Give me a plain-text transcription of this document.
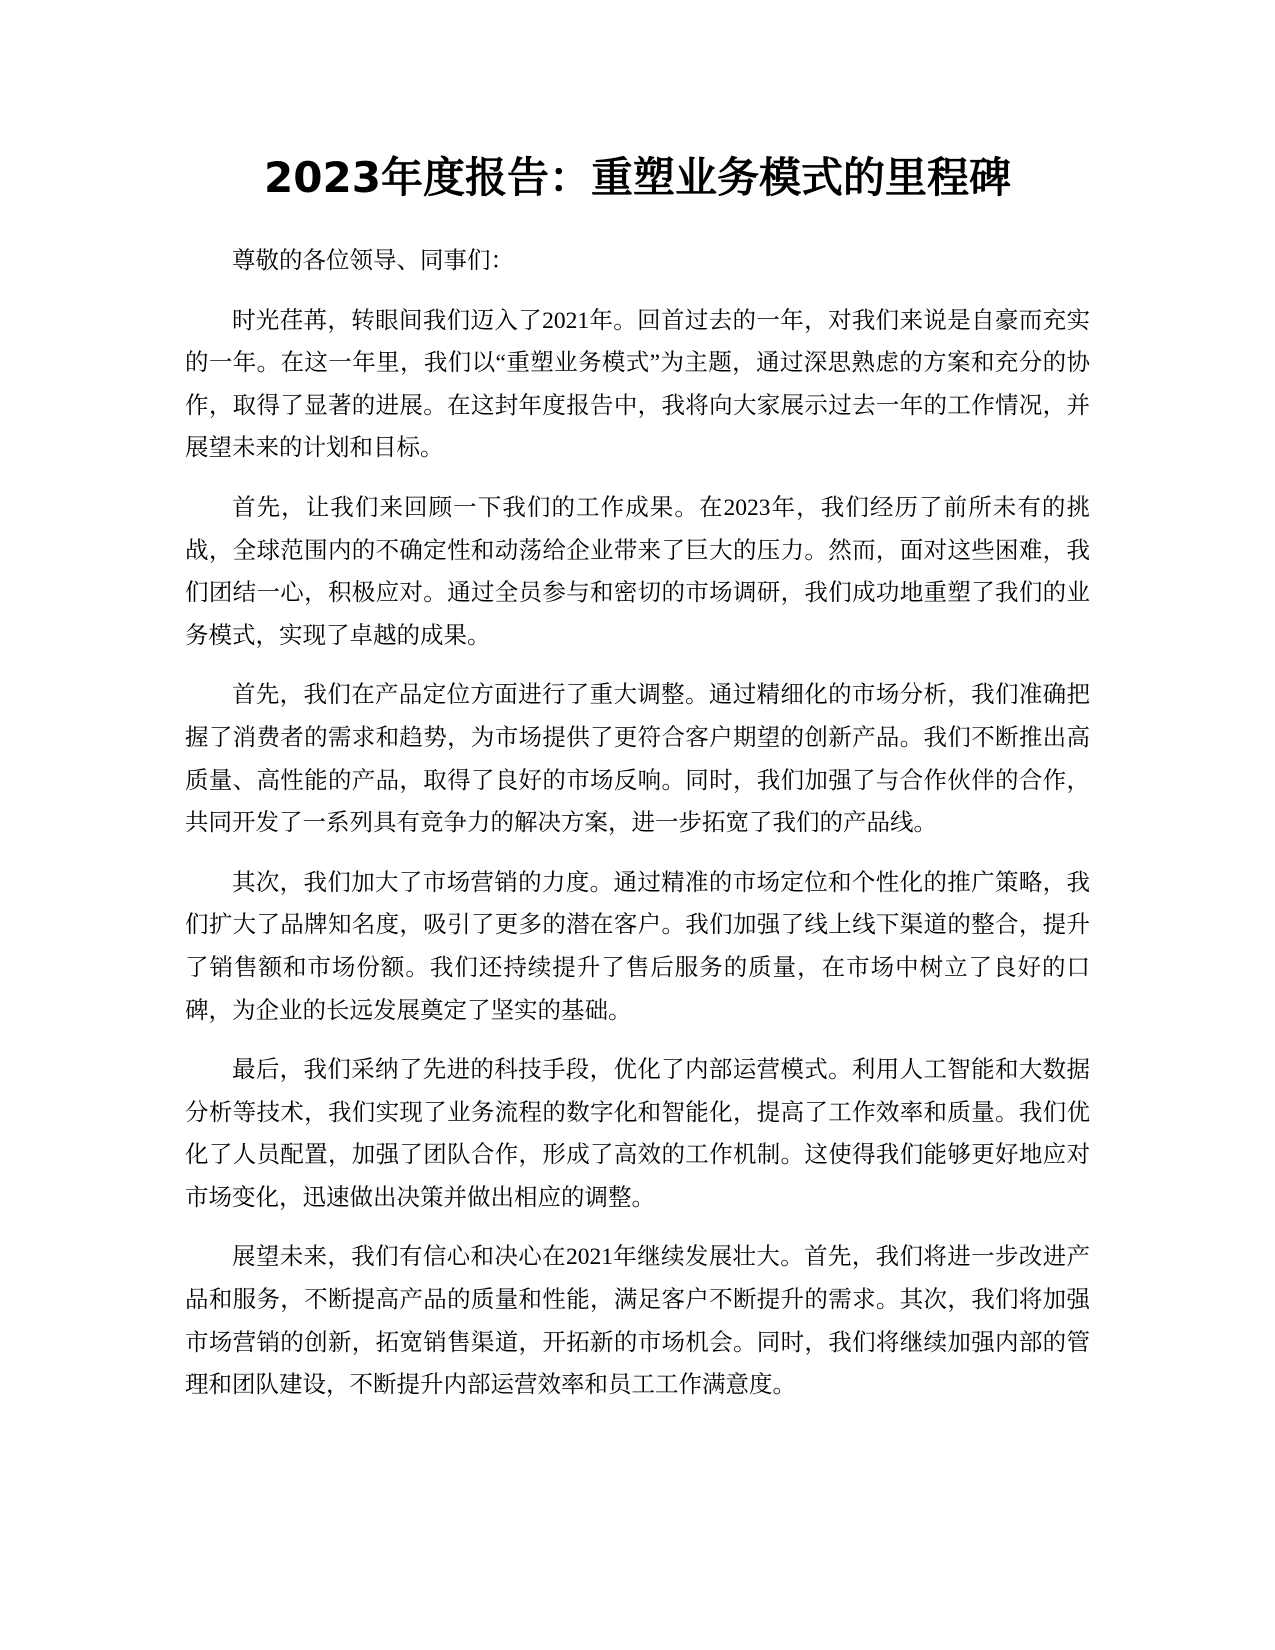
2023年度报告：重塑业务模式的里程碑

尊敬的各位领导、同事们：

时光荏苒，转眼间我们迈入了2021年。回首过去的一年，对我们来说是自豪而充实的一年。在这一年里，我们以“重塑业务模式”为主题，通过深思熟虑的方案和充分的协作，取得了显著的进展。在这封年度报告中，我将向大家展示过去一年的工作情况，并展望未来的计划和目标。

首先，让我们来回顾一下我们的工作成果。在2023年，我们经历了前所未有的挑战，全球范围内的不确定性和动荡给企业带来了巨大的压力。然而，面对这些困难，我们团结一心，积极应对。通过全员参与和密切的市场调研，我们成功地重塑了我们的业务模式，实现了卓越的成果。

首先，我们在产品定位方面进行了重大调整。通过精细化的市场分析，我们准确把握了消费者的需求和趋势，为市场提供了更符合客户期望的创新产品。我们不断推出高质量、高性能的产品，取得了良好的市场反响。同时，我们加强了与合作伙伴的合作，共同开发了一系列具有竞争力的解决方案，进一步拓宽了我们的产品线。

其次，我们加大了市场营销的力度。通过精准的市场定位和个性化的推广策略，我们扩大了品牌知名度，吸引了更多的潜在客户。我们加强了线上线下渠道的整合，提升了销售额和市场份额。我们还持续提升了售后服务的质量，在市场中树立了良好的口碑，为企业的长远发展奠定了坚实的基础。

最后，我们采纳了先进的科技手段，优化了内部运营模式。利用人工智能和大数据分析等技术，我们实现了业务流程的数字化和智能化，提高了工作效率和质量。我们优化了人员配置，加强了团队合作，形成了高效的工作机制。这使得我们能够更好地应对市场变化，迅速做出决策并做出相应的调整。

展望未来，我们有信心和决心在2021年继续发展壮大。首先，我们将进一步改进产品和服务，不断提高产品的质量和性能，满足客户不断提升的需求。其次，我们将加强市场营销的创新，拓宽销售渠道，开拓新的市场机会。同时，我们将继续加强内部的管理和团队建设，不断提升内部运营效率和员工工作满意度。
